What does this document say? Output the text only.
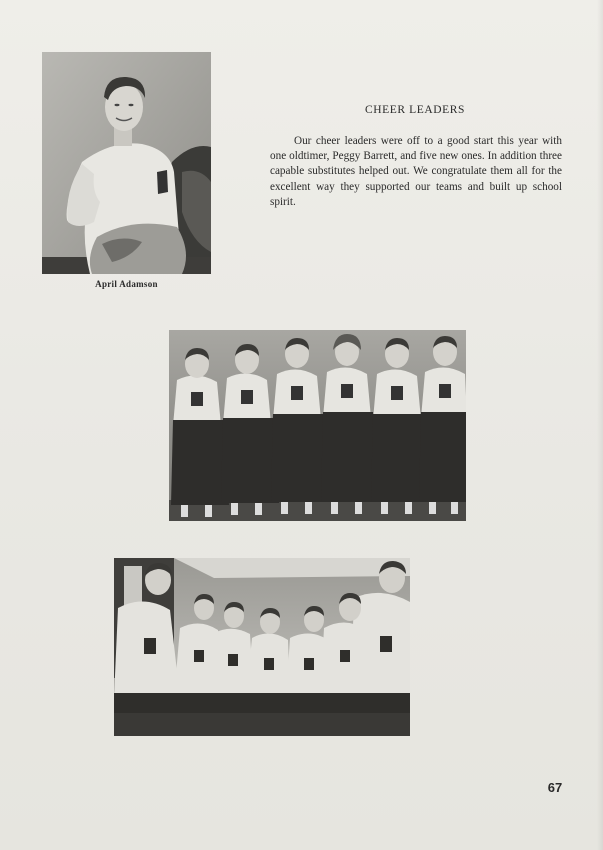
April Adamson
CHEER LEADERS

Our cheer leaders were off to a good start this year with one oldtimer, Peggy Barrett, and five new ones. In addition three capable substitutes helped out. We congratulate them all for the excellent way they supported our teams and built up school spirit.

67
